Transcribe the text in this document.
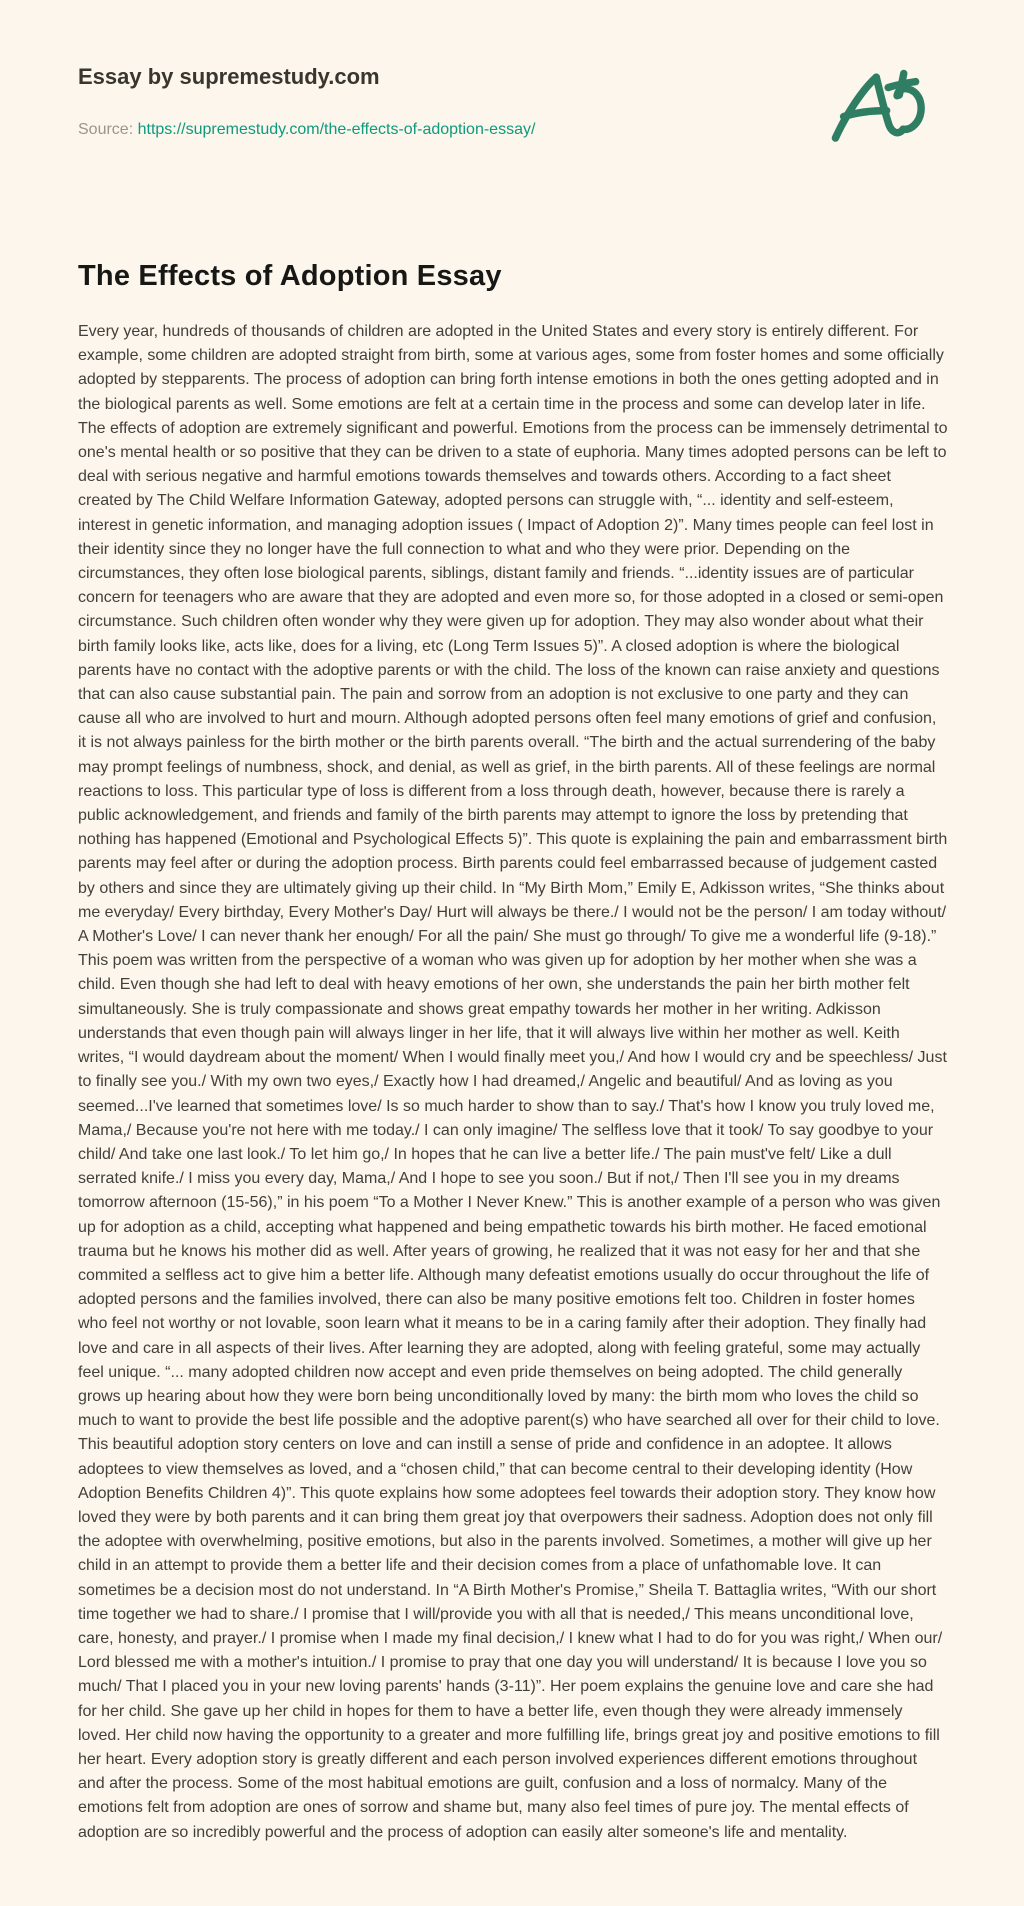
Essay by supremestudy.com

Source: https://supremestudy.com/the-effects-of-adoption-essay/

The Effects of Adoption Essay

Every year, hundreds of thousands of children are adopted in the United States and every story is entirely different. For example, some children are adopted straight from birth, some at various ages, some from foster homes and some officially adopted by stepparents. The process of adoption can bring forth intense emotions in both the ones getting adopted and in the biological parents as well. Some emotions are felt at a certain time in the process and some can develop later in life. The effects of adoption are extremely significant and powerful. Emotions from the process can be immensely detrimental to one's mental health or so positive that they can be driven to a state of euphoria. Many times adopted persons can be left to deal with serious negative and harmful emotions towards themselves and towards others. According to a fact sheet created by The Child Welfare Information Gateway, adopted persons can struggle with, “... identity and self-esteem, interest in genetic information, and managing adoption issues ( Impact of Adoption 2)”. Many times people can feel lost in their identity since they no longer have the full connection to what and who they were prior. Depending on the circumstances, they often lose biological parents, siblings, distant family and friends. “...identity issues are of particular concern for teenagers who are aware that they are adopted and even more so, for those adopted in a closed or semi-open circumstance. Such children often wonder why they were given up for adoption. They may also wonder about what their birth family looks like, acts like, does for a living, etc (Long Term Issues 5)”. A closed adoption is where the biological parents have no contact with the adoptive parents or with the child. The loss of the known can raise anxiety and questions that can also cause substantial pain. The pain and sorrow from an adoption is not exclusive to one party and they can cause all who are involved to hurt and mourn. Although adopted persons often feel many emotions of grief and confusion, it is not always painless for the birth mother or the birth parents overall. “The birth and the actual surrendering of the baby may prompt feelings of numbness, shock, and denial, as well as grief, in the birth parents. All of these feelings are normal reactions to loss. This particular type of loss is different from a loss through death, however, because there is rarely a public acknowledgement, and friends and family of the birth parents may attempt to ignore the loss by pretending that nothing has happened (Emotional and Psychological Effects 5)”. This quote is explaining the pain and embarrassment birth parents may feel after or during the adoption process. Birth parents could feel embarrassed because of judgement casted by others and since they are ultimately giving up their child. In “My Birth Mom,” Emily E, Adkisson writes, “She thinks about me everyday/ Every birthday, Every Mother's Day/ Hurt will always be there./ I would not be the person/ I am today without/ A Mother's Love/ I can never thank her enough/ For all the pain/ She must go through/ To give me a wonderful life (9-18).” This poem was written from the perspective of a woman who was given up for adoption by her mother when she was a child. Even though she had left to deal with heavy emotions of her own, she understands the pain her birth mother felt simultaneously. She is truly compassionate and shows great empathy towards her mother in her writing. Adkisson understands that even though pain will always linger in her life, that it will always live within her mother as well. Keith writes, “I would daydream about the moment/ When I would finally meet you,/ And how I would cry and be speechless/ Just to finally see you./ With my own two eyes,/ Exactly how I had dreamed,/ Angelic and beautiful/ And as loving as you seemed...I've learned that sometimes love/ Is so much harder to show than to say./ That's how I know you truly loved me, Mama,/ Because you're not here with me today./ I can only imagine/ The selfless love that it took/ To say goodbye to your child/ And take one last look./ To let him go,/ In hopes that he can live a better life./ The pain must've felt/ Like a dull serrated knife./ I miss you every day, Mama,/ And I hope to see you soon./ But if not,/ Then I'll see you in my dreams tomorrow afternoon (15-56),” in his poem “To a Mother I Never Knew.” This is another example of a person who was given up for adoption as a child, accepting what happened and being empathetic towards his birth mother. He faced emotional trauma but he knows his mother did as well. After years of growing, he realized that it was not easy for her and that she commited a selfless act to give him a better life. Although many defeatist emotions usually do occur throughout the life of adopted persons and the families involved, there can also be many positive emotions felt too. Children in foster homes who feel not worthy or not lovable, soon learn what it means to be in a caring family after their adoption. They finally had love and care in all aspects of their lives. After learning they are adopted, along with feeling grateful, some may actually feel unique. “... many adopted children now accept and even pride themselves on being adopted. The child generally grows up hearing about how they were born being unconditionally loved by many: the birth mom who loves the child so much to want to provide the best life possible and the adoptive parent(s) who have searched all over for their child to love. This beautiful adoption story centers on love and can instill a sense of pride and confidence in an adoptee. It allows adoptees to view themselves as loved, and a “chosen child,” that can become central to their developing identity (How Adoption Benefits Children 4)”. This quote explains how some adoptees feel towards their adoption story. They know how loved they were by both parents and it can bring them great joy that overpowers their sadness. Adoption does not only fill the adoptee with overwhelming, positive emotions, but also in the parents involved. Sometimes, a mother will give up her child in an attempt to provide them a better life and their decision comes from a place of unfathomable love. It can sometimes be a decision most do not understand. In “A Birth Mother's Promise,” Sheila T. Battaglia writes, “With our short time together we had to share./ I promise that I will/provide you with all that is needed,/ This means unconditional love, care, honesty, and prayer./ I promise when I made my final decision,/ I knew what I had to do for you was right,/ When our/ Lord blessed me with a mother's intuition./ I promise to pray that one day you will understand/ It is because I love you so much/ That I placed you in your new loving parents' hands (3-11)”. Her poem explains the genuine love and care she had for her child. She gave up her child in hopes for them to have a better life, even though they were already immensely loved. Her child now having the opportunity to a greater and more fulfilling life, brings great joy and positive emotions to fill her heart. Every adoption story is greatly different and each person involved experiences different emotions throughout and after the process. Some of the most habitual emotions are guilt, confusion and a loss of normalcy. Many of the emotions felt from adoption are ones of sorrow and shame but, many also feel times of pure joy. The mental effects of adoption are so incredibly powerful and the process of adoption can easily alter someone's life and mentality.
